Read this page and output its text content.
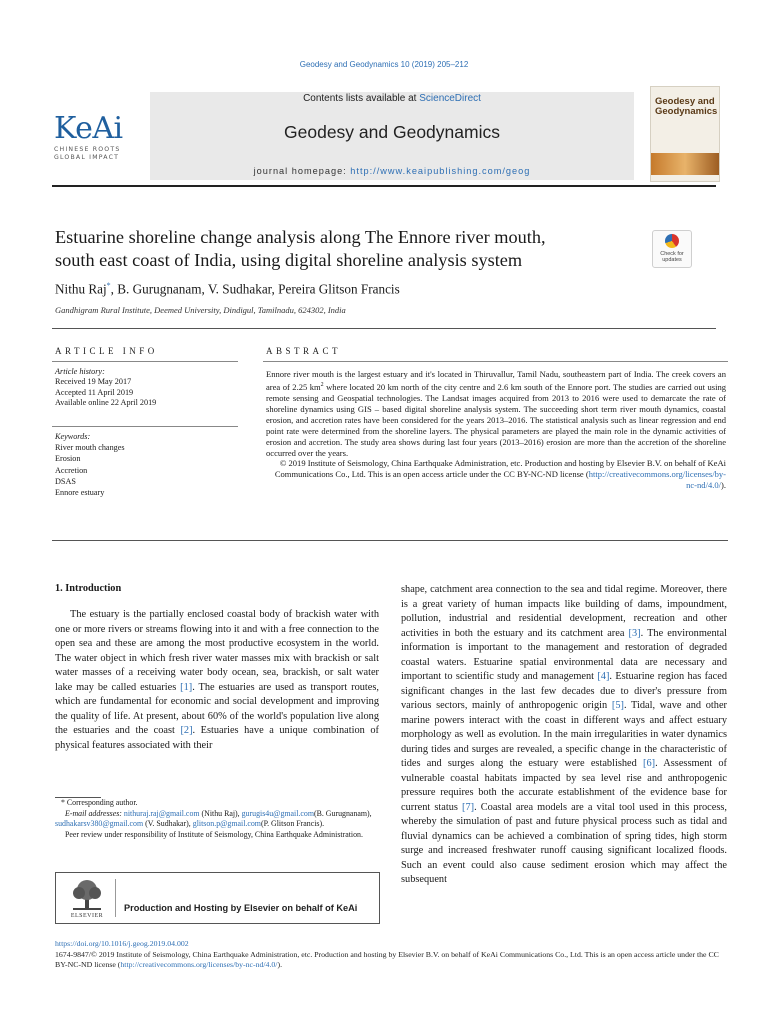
Geodesy and Geodynamics 10 (2019) 205–212
KeAi
CHINESE ROOTS
GLOBAL IMPACT
Contents lists available at ScienceDirect
Geodesy and Geodynamics
journal homepage: http://www.keaipublishing.com/geog
Geodesy and
Geodynamics
Estuarine shoreline change analysis along The Ennore river mouth,
south east coast of India, using digital shoreline analysis system	Check for
updates
Nithu Raj*, B. Gurugnanam, V. Sudhakar, Pereira Glitson Francis
Gandhigram Rural Institute, Deemed University, Dindigul, Tamilnadu, 624302, India
ARTICLE INFO
Article history:
Received 19 May 2017
Accepted 11 April 2019
Available online 22 April 2019
Keywords:
River mouth changes
Erosion
Accretion
DSAS
Ennore estuary
ABSTRACT
Ennore river mouth is the largest estuary and it's located in Thiruvallur, Tamil Nadu, southeastern part of India. The creek covers an area of 2.25 $km^2$ where located 20 km north of the city centre and 2.6 km south of the Ennore port. The studies are carried out using remote sensing and Geospatial technologies. The Landsat images acquired from 2013 to 2016 were used to demarcate the rate of shoreline dynamics using GIS – based digital shoreline analysis system. The succeeding short term river mouth dynamics, coastal erosion, and accretion rates have been considered for the years 2013–2016. The statistical analysis such as linear regression and end point rate were determined from the shoreline layers. The physical parameters are played the main role in the dynamic activities of erosion and accretion. The study area shows during last four years (2013–2016) erosion are more than the accretion of the shoreline occurred over the years.
© 2019 Institute of Seismology, China Earthquake Administration, etc. Production and hosting by Elsevier B.V. on behalf of KeAi Communications Co., Ltd. This is an open access article under the CC BY-NC-ND license (http://creativecommons.org/licenses/by-nc-nd/4.0/).
1. Introduction
The estuary is the partially enclosed coastal body of brackish water with one or more rivers or streams flowing into it and with a free connection to the open sea and these are among the most productive ecosystem in the world. The water object in which fresh river water masses mix with brackish or salt water masses of a receiving water body ocean, sea, brackish, or salt water lake may be called estuaries [1]. The estuaries are used as transport routes, which are fundamental for economic and social development and improving the quality of life. At present, about 60% of the world's population live along the estuaries and the coast [2]. Estuaries have a unique combination of physical features associated with their
shape, catchment area connection to the sea and tidal regime. Moreover, there is a great variety of human impacts like building of dams, impoundment, pollution, industrial and residential development, recreation and other activities in both the estuary and its catchment area [3]. The environmental information is important to the management and restoration of degraded coastal waters. Estuarine spatial environmental data are necessary and important to scientific study and management [4]. Estuarine region has faced significant changes in the last few decades due to diver's pressure from various sectors, mainly of anthropogenic origin [5]. Tidal, wave and other marine powers interact with the coast in different ways and affect estuary morphology as well as evolution. In the main irregularities in water dynamics during tides and surges are revealed, a specific change in the characteristic of tides and surges along the estuary were established [6]. Assessment of vulnerable coastal habitats impacted by sea level rise and anthropogenic pressure requires both the accurate establishment of the evidence base for current status [7]. Coastal area models are a vital tool used in this process, whereby the simulation of past and future physical process such as tidal and fluvial dynamics can be achieved a combination of spring tides, high storm surge and increased freshwater runoff causing significant localized floods. Such an event could also cause sediment erosion which may affect the subsequent
* Corresponding author.
E-mail addresses: nithuraj.raj@gmail.com (Nithu Raj), gurugis4u@gmail.com(B. Gurugnanam), sudhakarsv380@gmail.com (V. Sudhakar), glitson.p@gmail.com(P. Glitson Francis).
Peer review under responsibility of Institute of Seismology, China Earthquake Administration.
ELSEVIER
Production and Hosting by Elsevier on behalf of KeAi
https://doi.org/10.1016/j.geog.2019.04.002
1674-9847/© 2019 Institute of Seismology, China Earthquake Administration, etc. Production and hosting by Elsevier B.V. on behalf of KeAi Communications Co., Ltd. This is an open access article under the CC BY-NC-ND license (http://creativecommons.org/licenses/by-nc-nd/4.0/).
